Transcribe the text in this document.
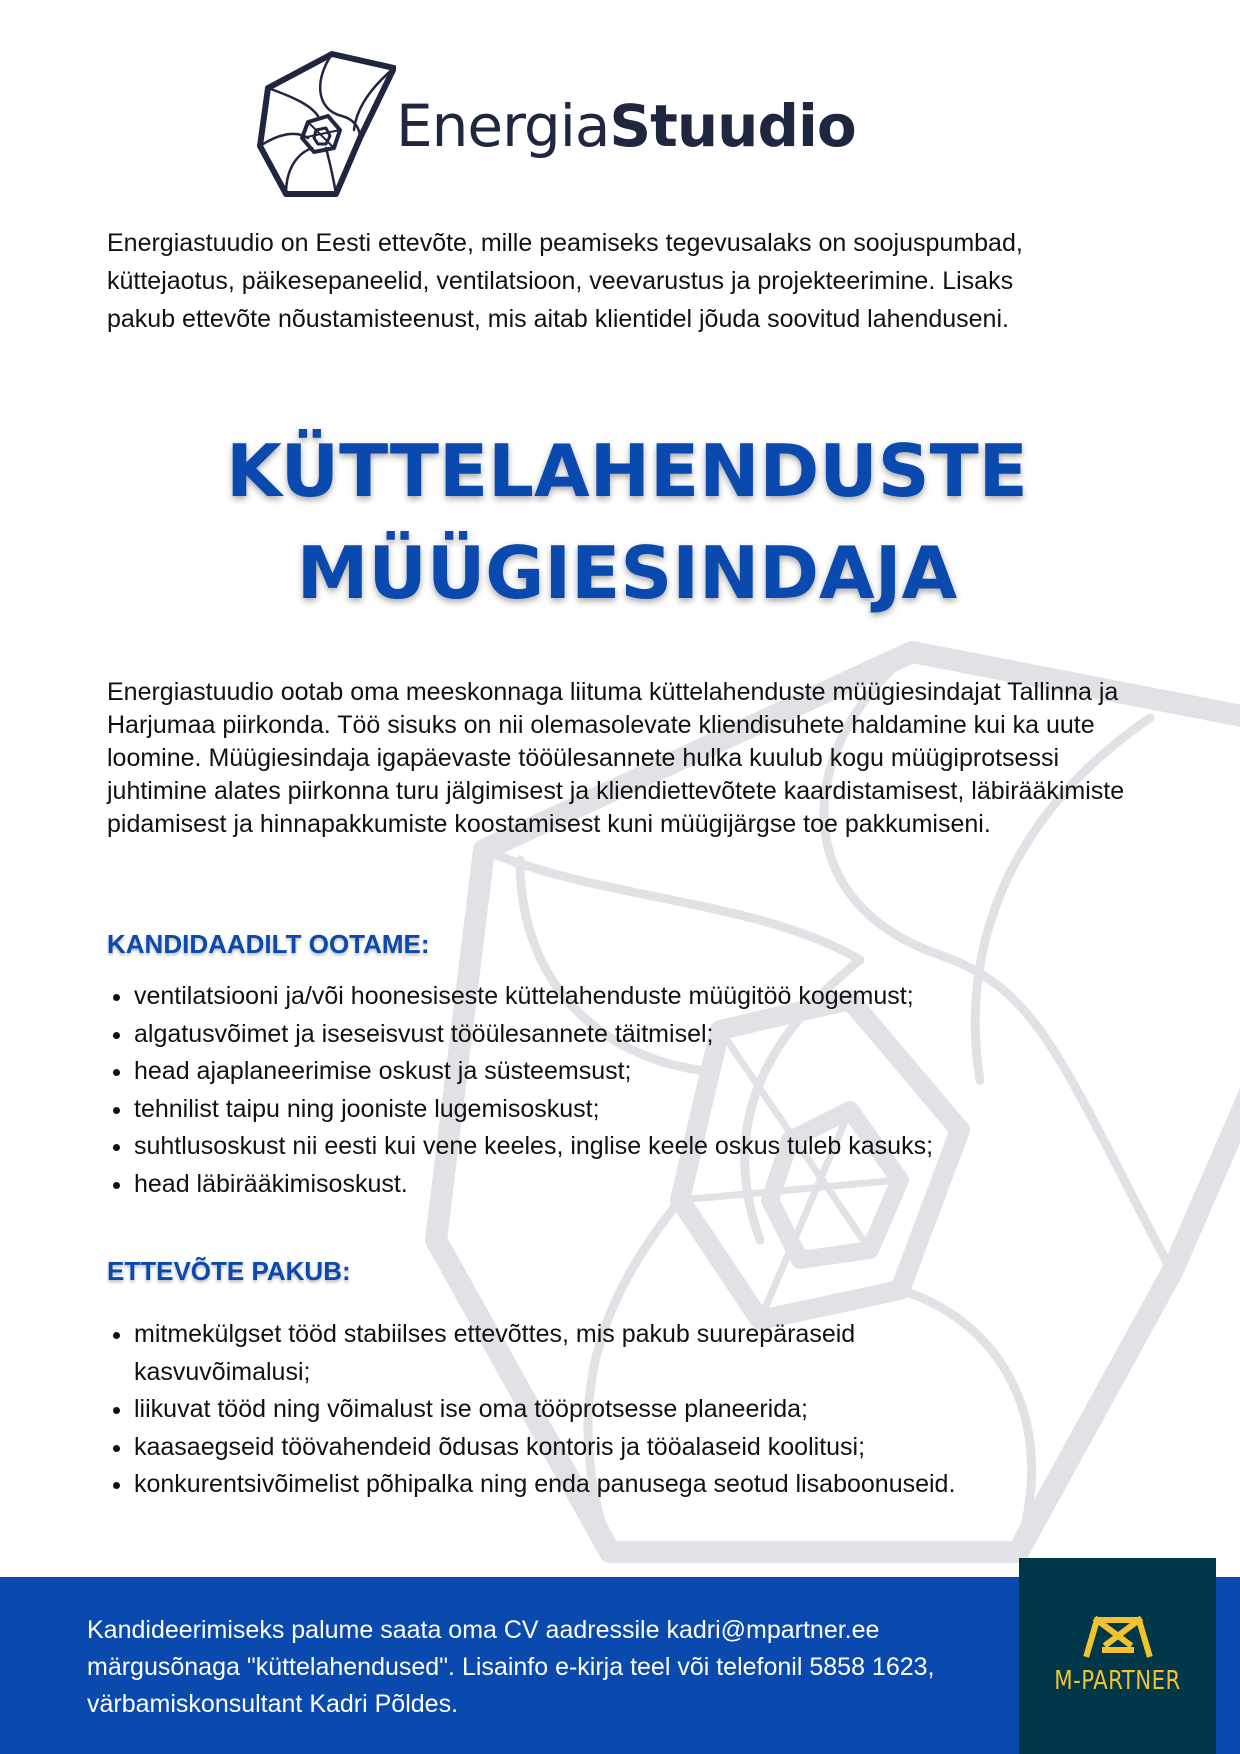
EnergiaStuudio

Energiastuudio on Eesti ettevõte, mille peamiseks tegevusalaks on soojuspumbad, küttejaotus, päikesepaneelid, ventilatsioon, veevarustus ja projekteerimine. Lisaks pakub ettevõte nõustamisteenust, mis aitab klientidel jõuda soovitud lahenduseni.

KÜTTELAHENDUSTE
MÜÜGIESINDAJA

Energiastuudio ootab oma meeskonnaga liituma küttelahenduste müügiesindajat Tallinna ja Harjumaa piirkonda. Töö sisuks on nii olemasolevate kliendisuhete haldamine kui ka uute loomine. Müügiesindaja igapäevaste tööülesannete hulka kuulub kogu müügiprotsessi juhtimine alates piirkonna turu jälgimisest ja kliendiettevõtete kaardistamisest, läbirääkimiste pidamisest ja hinnapakkumiste koostamisest kuni müügijärgse toe pakkumiseni.

KANDIDAADILT OOTAME:
• ventilatsiooni ja/või hoonesiseste küttelahenduste müügitöö kogemust;
• algatusvõimet ja iseseisvust tööülesannete täitmisel;
• head ajaplaneerimise oskust ja süsteemsust;
• tehnilist taipu ning jooniste lugemisoskust;
• suhtlusoskust nii eesti kui vene keeles, inglise keele oskus tuleb kasuks;
• head läbirääkimisoskust.
ETTEVÕTE PAKUB:
• mitmekülgset tööd stabiilses ettevõttes, mis pakub suurepäraseid kasvuvõimalusi;
• liikuvat tööd ning võimalust ise oma tööprotsesse planeerida;
• kaasaegseid töövahendeid õdusas kontoris ja tööalaseid koolitusi;
• konkurentsivõimelist põhipalka ning enda panusega seotud lisaboonuseid.

Kandideerimiseks palume saata oma CV aadressile kadri@mpartner.ee märgusõnaga "küttelahendused". Lisainfo e-kirja teel või telefonil 5858 1623, värbamiskonsultant Kadri Põldes.

M-PARTNER
